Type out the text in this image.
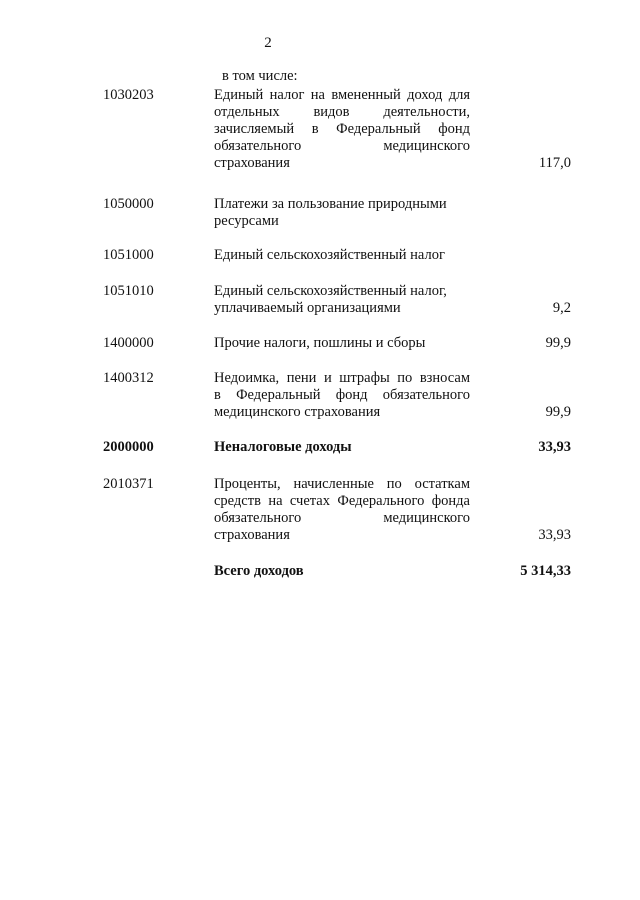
2
в том числе:
1030203	Единый налог на вмененный доход для
отдельных видов деятельности,
зачисляемый в Федеральный фонд
обязательного медицинского
страхования	117,0
1050000	Платежи за пользование природными
ресурсами
1051000	Единый сельскохозяйственный налог
1051010	Единый сельскохозяйственный налог,
уплачиваемый организациями	9,2
1400000	Прочие налоги, пошлины и сборы	99,9
1400312	Недоимка, пени и штрафы по взносам
в Федеральный фонд обязательного
медицинского страхования	99,9
2000000	Неналоговые доходы	33,93
2010371	Проценты, начисленные по остаткам
средств на счетах Федерального фонда
обязательного медицинского
страхования	33,93
Всего доходов	5 314,33
